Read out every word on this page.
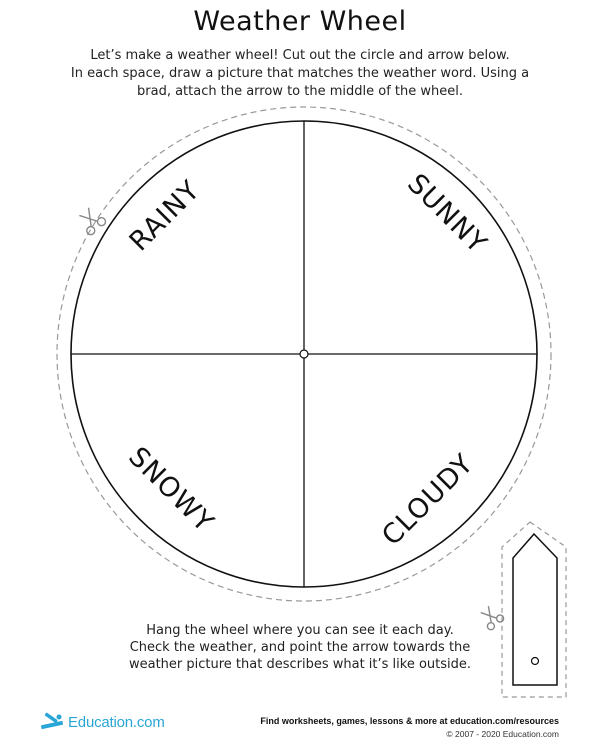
Weather Wheel
Let’s make a weather wheel! Cut out the circle and arrow below.
In each space, draw a picture that matches the weather word. Using a
brad, attach the arrow to the middle of the wheel.
RAINY	SUNNY
SNOWY	CLOUDY
Hang the wheel where you can see it each day.
Check the weather, and point the arrow towards the
weather picture that describes what it’s like outside.
Education.com	Find worksheets, games, lessons & more at education.com/resources
© 2007 - 2020 Education.com
